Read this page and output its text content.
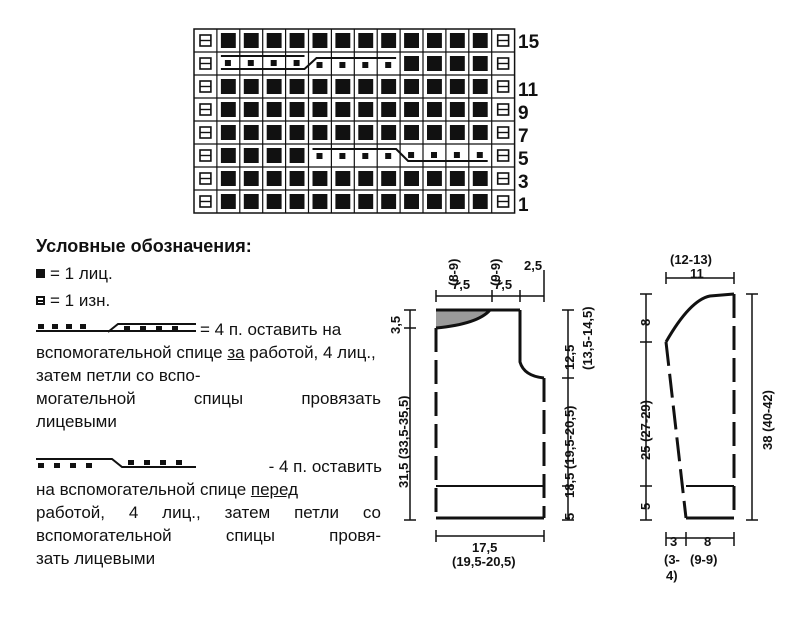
15
11
9
7
5
3
1
Условные обозначения:
= 1 лиц.
= 1 изн.
= 4 п. оставить на
вспомогательной спице за работой, 4 лиц., затем петли со вспо-
могательной спицы провязать
лицевыми
- 4 п. оставить
на вспомогательной спице перед
работой, 4 лиц., затем петли со
вспомогательной спицы провя-
зать лицевыми
(8-9)
7,5 (9-9)
7,5
2,5
3,5
31,5 (33,5-35,5)
12,5 (13,5-14,5)
18,5 (19,5-20,5)
5
17,5
(19,5-20,5)
(12-13)
11
8
25 (27-29)
5
38 (40-42)
3
(3-
4)
8
(9-9)
